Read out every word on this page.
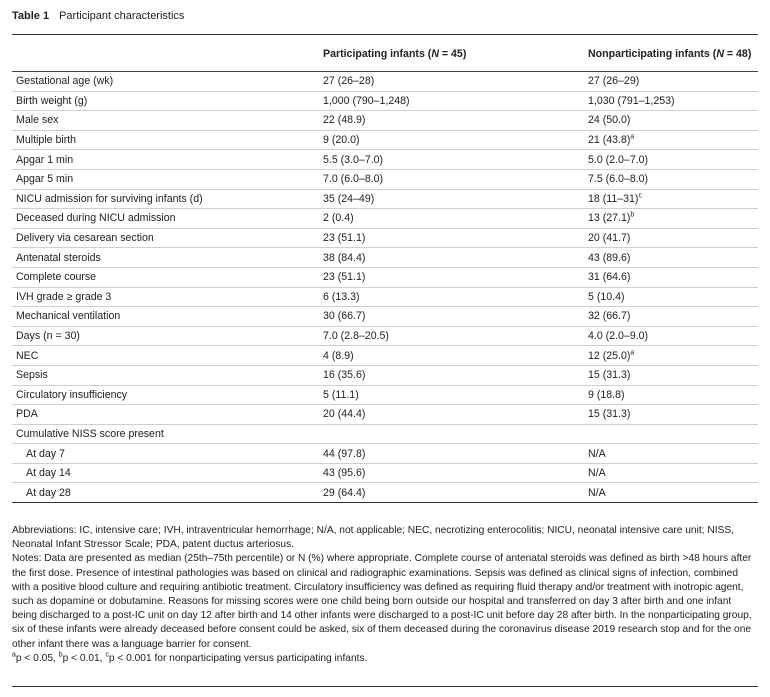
Table 1 Participant characteristics
	Participating infants (N = 45)	Nonparticipating infants (N = 48)
Gestational age (wk)	27 (26–28)	27 (26–29)
Birth weight (g)	1,000 (790–1,248)	1,030 (791–1,253)
Male sex	22 (48.9)	24 (50.0)
Multiple birth	9 (20.0)	21 $(43.8)^a$
Apgar 1 min	5.5 (3.0–7.0)	5.0 (2.0–7.0)
Apgar 5 min	7.0 (6.0–8.0)	7.5 (6.0–8.0)
NICU admission for surviving infants (d)	35 (24–49)	18 $(11-31)^c$
Deceased during NICU admission	2 (0.4)	13 $(27.1)^b$
Delivery via cesarean section	23 (51.1)	20 (41.7)
Antenatal steroids	38 (84.4)	43 (89.6)
Complete course	23 (51.1)	31 (64.6)
IVH grade ≥ grade 3	6 (13.3)	5 (10.4)
Mechanical ventilation	30 (66.7)	32 (66.7)
Days (n = 30)	7.0 (2.8–20.5)	4.0 (2.0–9.0)
NEC	4 (8.9)	12 $(25.0)^a$
Sepsis	16 (35.6)	15 (31.3)
Circulatory insufficiency	5 (11.1)	9 (18.8)
PDA	20 (44.4)	15 (31.3)
Cumulative NISS score present		
At day 7	44 (97.8)	N/A
At day 14	43 (95.6)	N/A
At day 28	29 (64.4)	N/A

Abbreviations: IC, intensive care; IVH, intraventricular hemorrhage; N/A, not applicable; NEC, necrotizing enterocolitis; NICU, neonatal intensive care unit; NISS, Neonatal Infant Stressor Scale; PDA, patent ductus arteriosus.

Notes: Data are presented as median (25th–75th percentile) or N (%) where appropriate. Complete course of antenatal steroids was defined as birth >48 hours after the first dose. Presence of intestinal pathologies was based on clinical and radiographic examinations. Sepsis was defined as clinical signs of infection, combined with a positive blood culture and requiring antibiotic treatment. Circulatory insufficiency was defined as requiring fluid therapy and/or treatment with inotropic agent, such as dopamine or dobutamine. Reasons for missing scores were one child being born outside our hospital and transferred on day 3 after birth and one infant being discharged to a post-IC unit on day 12 after birth and 14 other infants were discharged to a post-IC unit before day 28 after birth. In the nonparticipating group, six of these infants were already deceased before consent could be asked, six of them deceased during the coronavirus disease 2019 research stop and for the one other infant there was a language barrier for consent.

$^a$p < 0.05, $^b$p < 0.01, $^c$p < 0.001 for nonparticipating versus participating infants.
